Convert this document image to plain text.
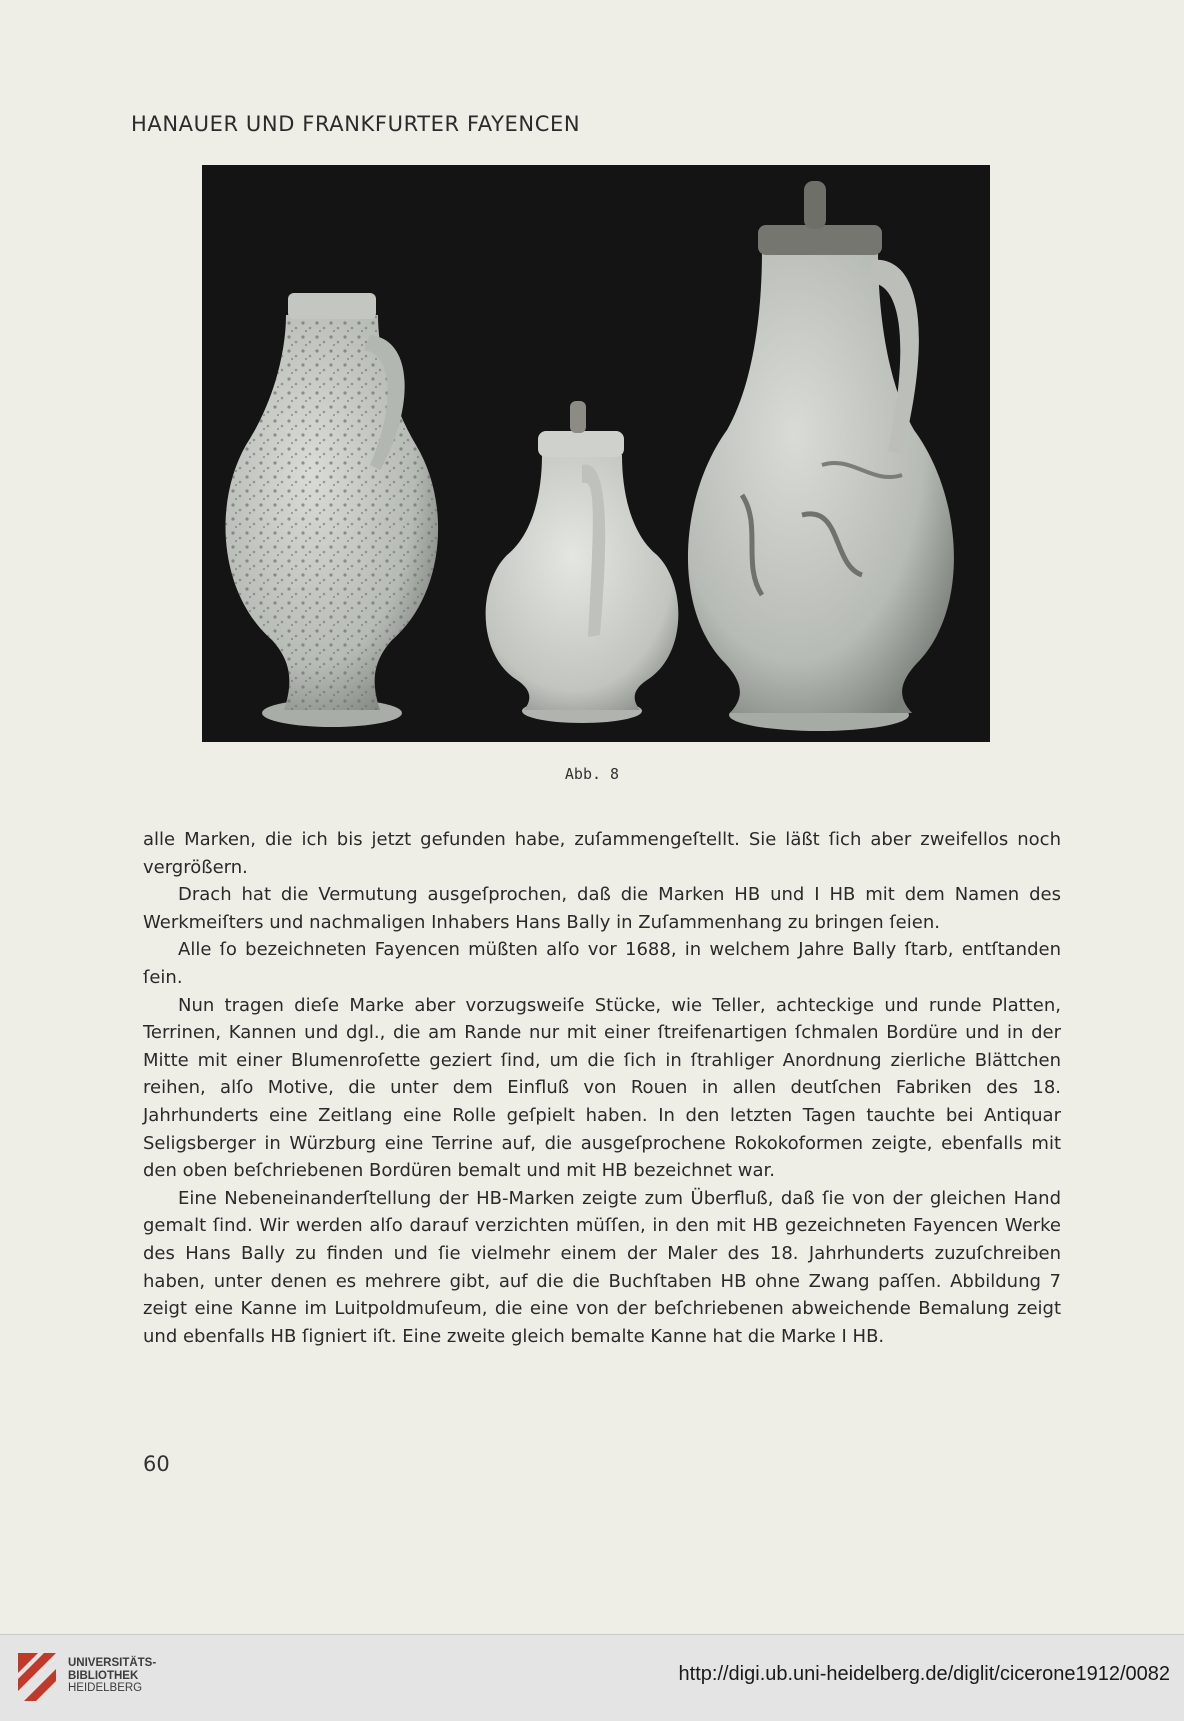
HANAUER UND FRANKFURTER FAYENCEN
Abb. 8

alle Marken, die ich bis jetzt gefunden habe, zuſammengeſtellt. Sie läßt ſich aber zweifellos noch vergrößern.

Drach hat die Vermutung ausgeſprochen, daß die Marken HB und I HB mit dem Namen des Werkmeiſters und nachmaligen Inhabers Hans Bally in Zuſammenhang zu bringen ſeien.

Alle ſo bezeichneten Fayencen müßten alſo vor 1688, in welchem Jahre Bally ſtarb, entſtanden ſein.

Nun tragen dieſe Marke aber vorzugsweiſe Stücke, wie Teller, achteckige und runde Platten, Terrinen, Kannen und dgl., die am Rande nur mit einer ſtreifenartigen ſchmalen Bordüre und in der Mitte mit einer Blumenroſette geziert ſind, um die ſich in ſtrahliger Anordnung zierliche Blättchen reihen, alſo Motive, die unter dem Einfluß von Rouen in allen deutſchen Fabriken des 18. Jahrhunderts eine Zeitlang eine Rolle geſpielt haben. In den letzten Tagen tauchte bei Antiquar Seligsberger in Würzburg eine Terrine auf, die ausgeſprochene Rokokoformen zeigte, ebenfalls mit den oben beſchriebenen Bordüren bemalt und mit HB bezeichnet war.

Eine Nebeneinanderſtellung der HB-Marken zeigte zum Überfluß, daß ſie von der gleichen Hand gemalt ſind. Wir werden alſo darauf verzichten müſſen, in den mit HB gezeichneten Fayencen Werke des Hans Bally zu finden und ſie vielmehr einem der Maler des 18. Jahrhunderts zuzuſchreiben haben, unter denen es mehrere gibt, auf die die Buchſtaben HB ohne Zwang paſſen. Abbildung 7 zeigt eine Kanne im Luitpoldmuſeum, die eine von der beſchriebenen abweichende Bemalung zeigt und ebenfalls HB ſigniert iſt. Eine zweite gleich bemalte Kanne hat die Marke I HB.

60
UNIVERSITÄTS-
BIBLIOTHEK
HEIDELBERG
http://digi.ub.uni-heidelberg.de/diglit/cicerone1912/0082
